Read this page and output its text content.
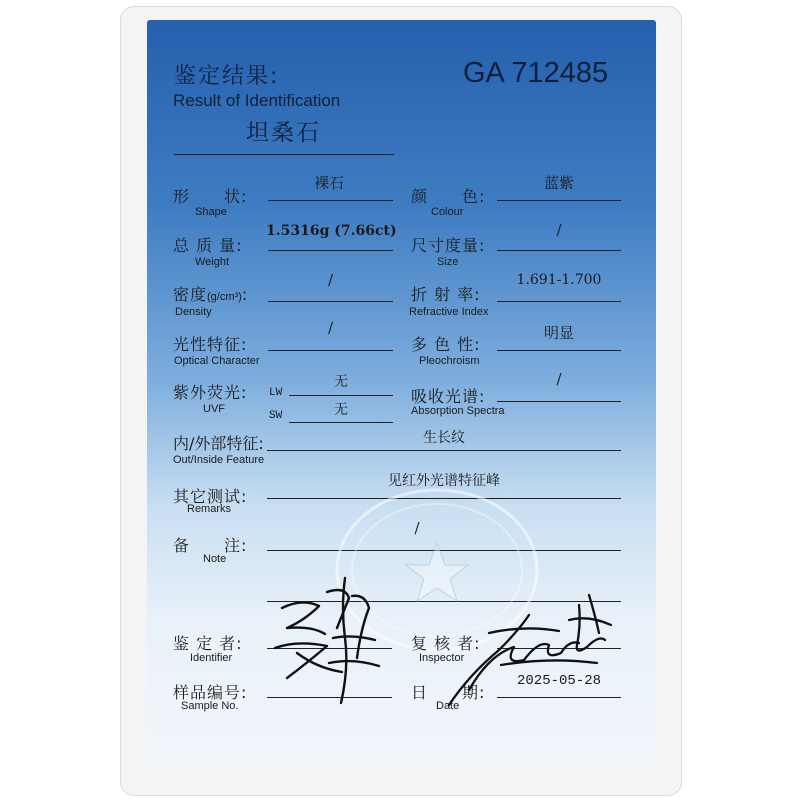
鉴定结果:
Result of Identification
坦桑石
GA 712485
形　　状:
Shape
裸石
颜　　色:
Colour
蓝紫
总 质 量:
Weight
1.5316g (7.66ct)
尺寸度量:
Size
/
密度(g/cm³):
Density
/
折 射 率:
Refractive Index
1.691-1.700
光性特征:
Optical Character
/
多 色 性:
Pleochroism
明显
紫外荧光:
UVF
LW
无
SW	无
吸收光谱:
Absorption Spectra
/
内/外部特征:
Out/Inside Feature
生长纹
其它测试:
Remarks
见红外光谱特征峰
备　　注:
Note
/
鉴 定 者:
Identifier
复 核 者:
Inspector
样品编号:
Sample No.
日　　期:
Date
2025-05-28
